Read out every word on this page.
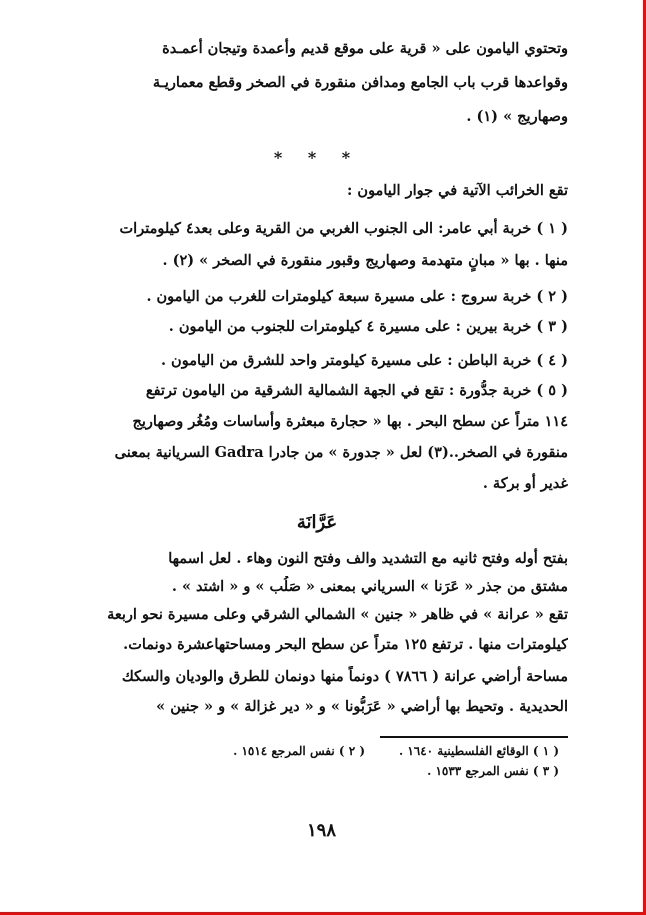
وتحتوي اليامون على « قرية على موقع قديم وأعمدة وتيجان أعمـدة
وقواعدها قرب باب الجامع ومدافن منقورة في الصخر وقطع معماريـة
وصهاريج » (١) .
* * *
تقع الخرائب الآتية في جوار اليامون :
( ١ ) خربة أبي عامر: الى الجنوب الغربي من القرية وعلى بعد٤ كيلومترات
منها . بها « مبانٍ متهدمة وصهاريج وقبور منقورة في الصخر » (٢) .
( ٢ ) خربة سروج : على مسيرة سبعة كيلومترات للغرب من اليامون .
( ٣ ) خربة بيرين : على مسيرة ٤ كيلومترات للجنوب من اليامون .
( ٤ ) خربة الباطن : على مسيرة كيلومتر واحد للشرق من اليامون .
( ٥ ) خربة جدُّورة : تقع في الجهة الشمالية الشرقية من اليامون ترتفع
١١٤ متراً عن سطح البحر . بها « حجارة مبعثرة وأساسات ومُغُر وصهاريج
منقورة في الصخر..(٣) لعل « جدورة » من جادرا Gadra السريانية بمعنى
غدير أو بركة .
عَرَّانَة
بفتح أوله وفتح ثانيه مع التشديد والف وفتح النون وهاء . لعل اسمها
مشتق من جذر « عَرَنا » السرياني بمعنى « صَلُب » و « اشتد » .
تقع « عرانة » في ظاهر « جنين » الشمالي الشرقي وعلى مسيرة نحو اربعة
كيلومترات منها . ترتفع ١٢٥ متراً عن سطح البحر ومساحتهاعشرة دونمات.
مساحة أراضي عرانة ( ٧٨٦٦ ) دونماً منها دونمان للطرق والوديان والسكك
الحديدية . وتحيط بها أراضي « عَرَبُّونا » و « دير غزالة » و « جنين »
( ١ ) الوقائع الفلسطينية ١٦٤٠ .
( ٢ ) نفس المرجع ١٥١٤ .
( ٣ ) نفس المرجع ١٥٣٣ .
١٩٨
